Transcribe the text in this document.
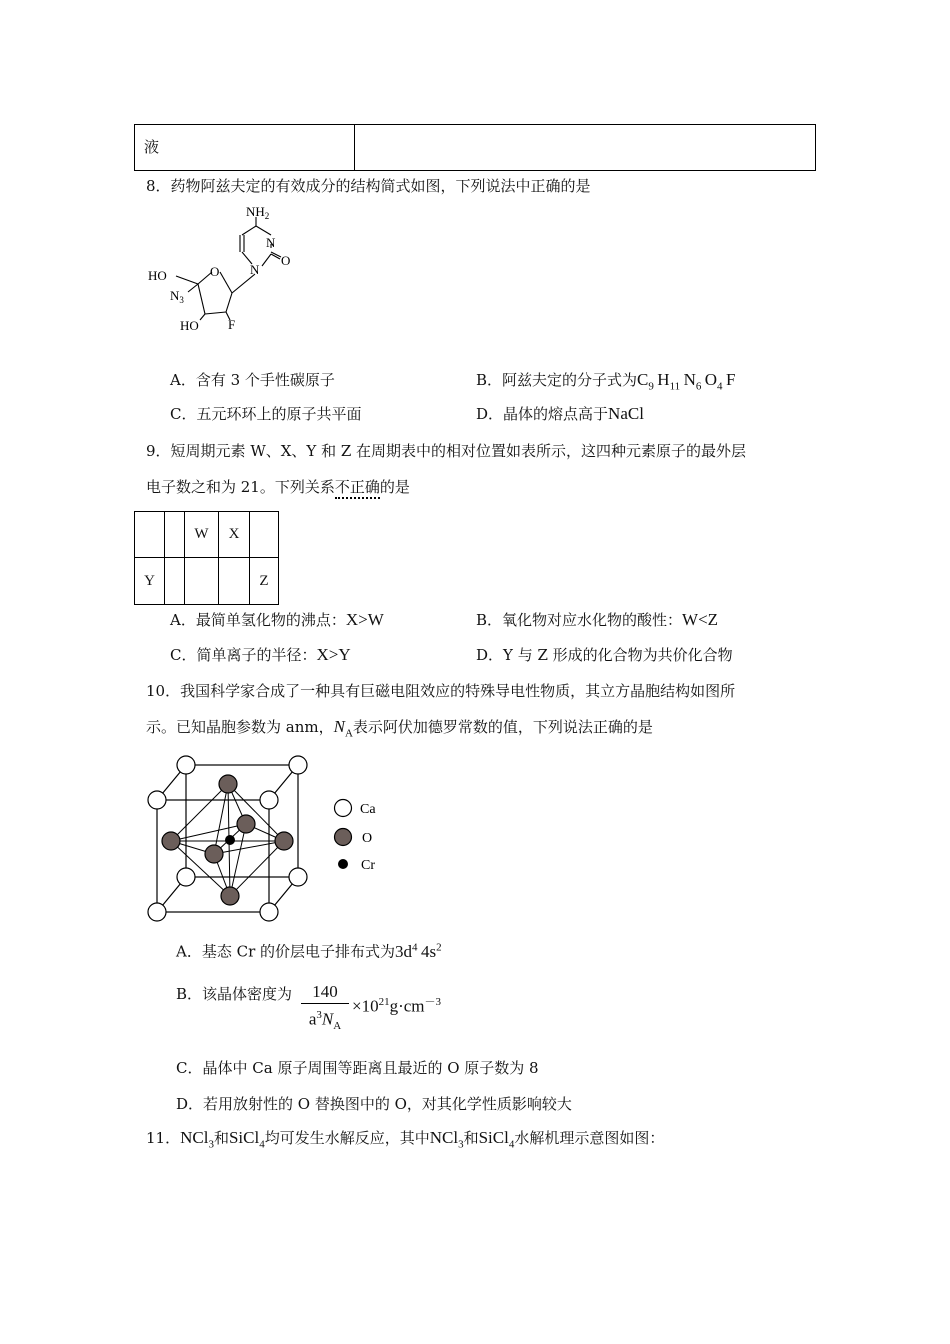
液
8．药物阿兹夫定的有效成分的结构简式如图，下列说法中正确的是
$NH_2$
N
N
O
O
HO
$N_3$
HO F
A．含有 3 个手性碳原子	B．阿兹夫定的分子式为$C_9$  $H_{11}$  $N_6$  $O_4$  F
C．五元环环上的原子共平面	D．晶体的熔点高于NaCl
9．短周期元素 W、X、Y 和 Z 在周期表中的相对位置如表所示，这四种元素原子的最外层
电子数之和为 21。下列关系不正确的是
		W	X	
Y				Z
A．最简单氢化物的沸点：X>W	B．氧化物对应水化物的酸性：W<Z
C．简单离子的半径：X>Y	D．Y 与 Z 形成的化合物为共价化合物
10．我国科学家合成了一种具有巨磁电阻效应的特殊导电性物质，其立方晶胞结构如图所
示。已知晶胞参数为 anm，$N_A$表示阿伏加德罗常数的值，下列说法正确的是
Ca
O
Cr
A．基态 Cr 的价层电子排布式为$3d^4$  $4s^2$
B．该晶体密度为	140
$a^3N_A$
$\times 10^{21}g\cdot cm^{-3}$
C．晶体中 Ca 原子周围等距离且最近的 O 原子数为 8
D．若用放射性的 O 替换图中的 O，对其化学性质影响较大
11．NCl$_3$和SiCl$_4$均可发生水解反应，其中NCl$_3$和SiCl$_4$水解机理示意图如图：
